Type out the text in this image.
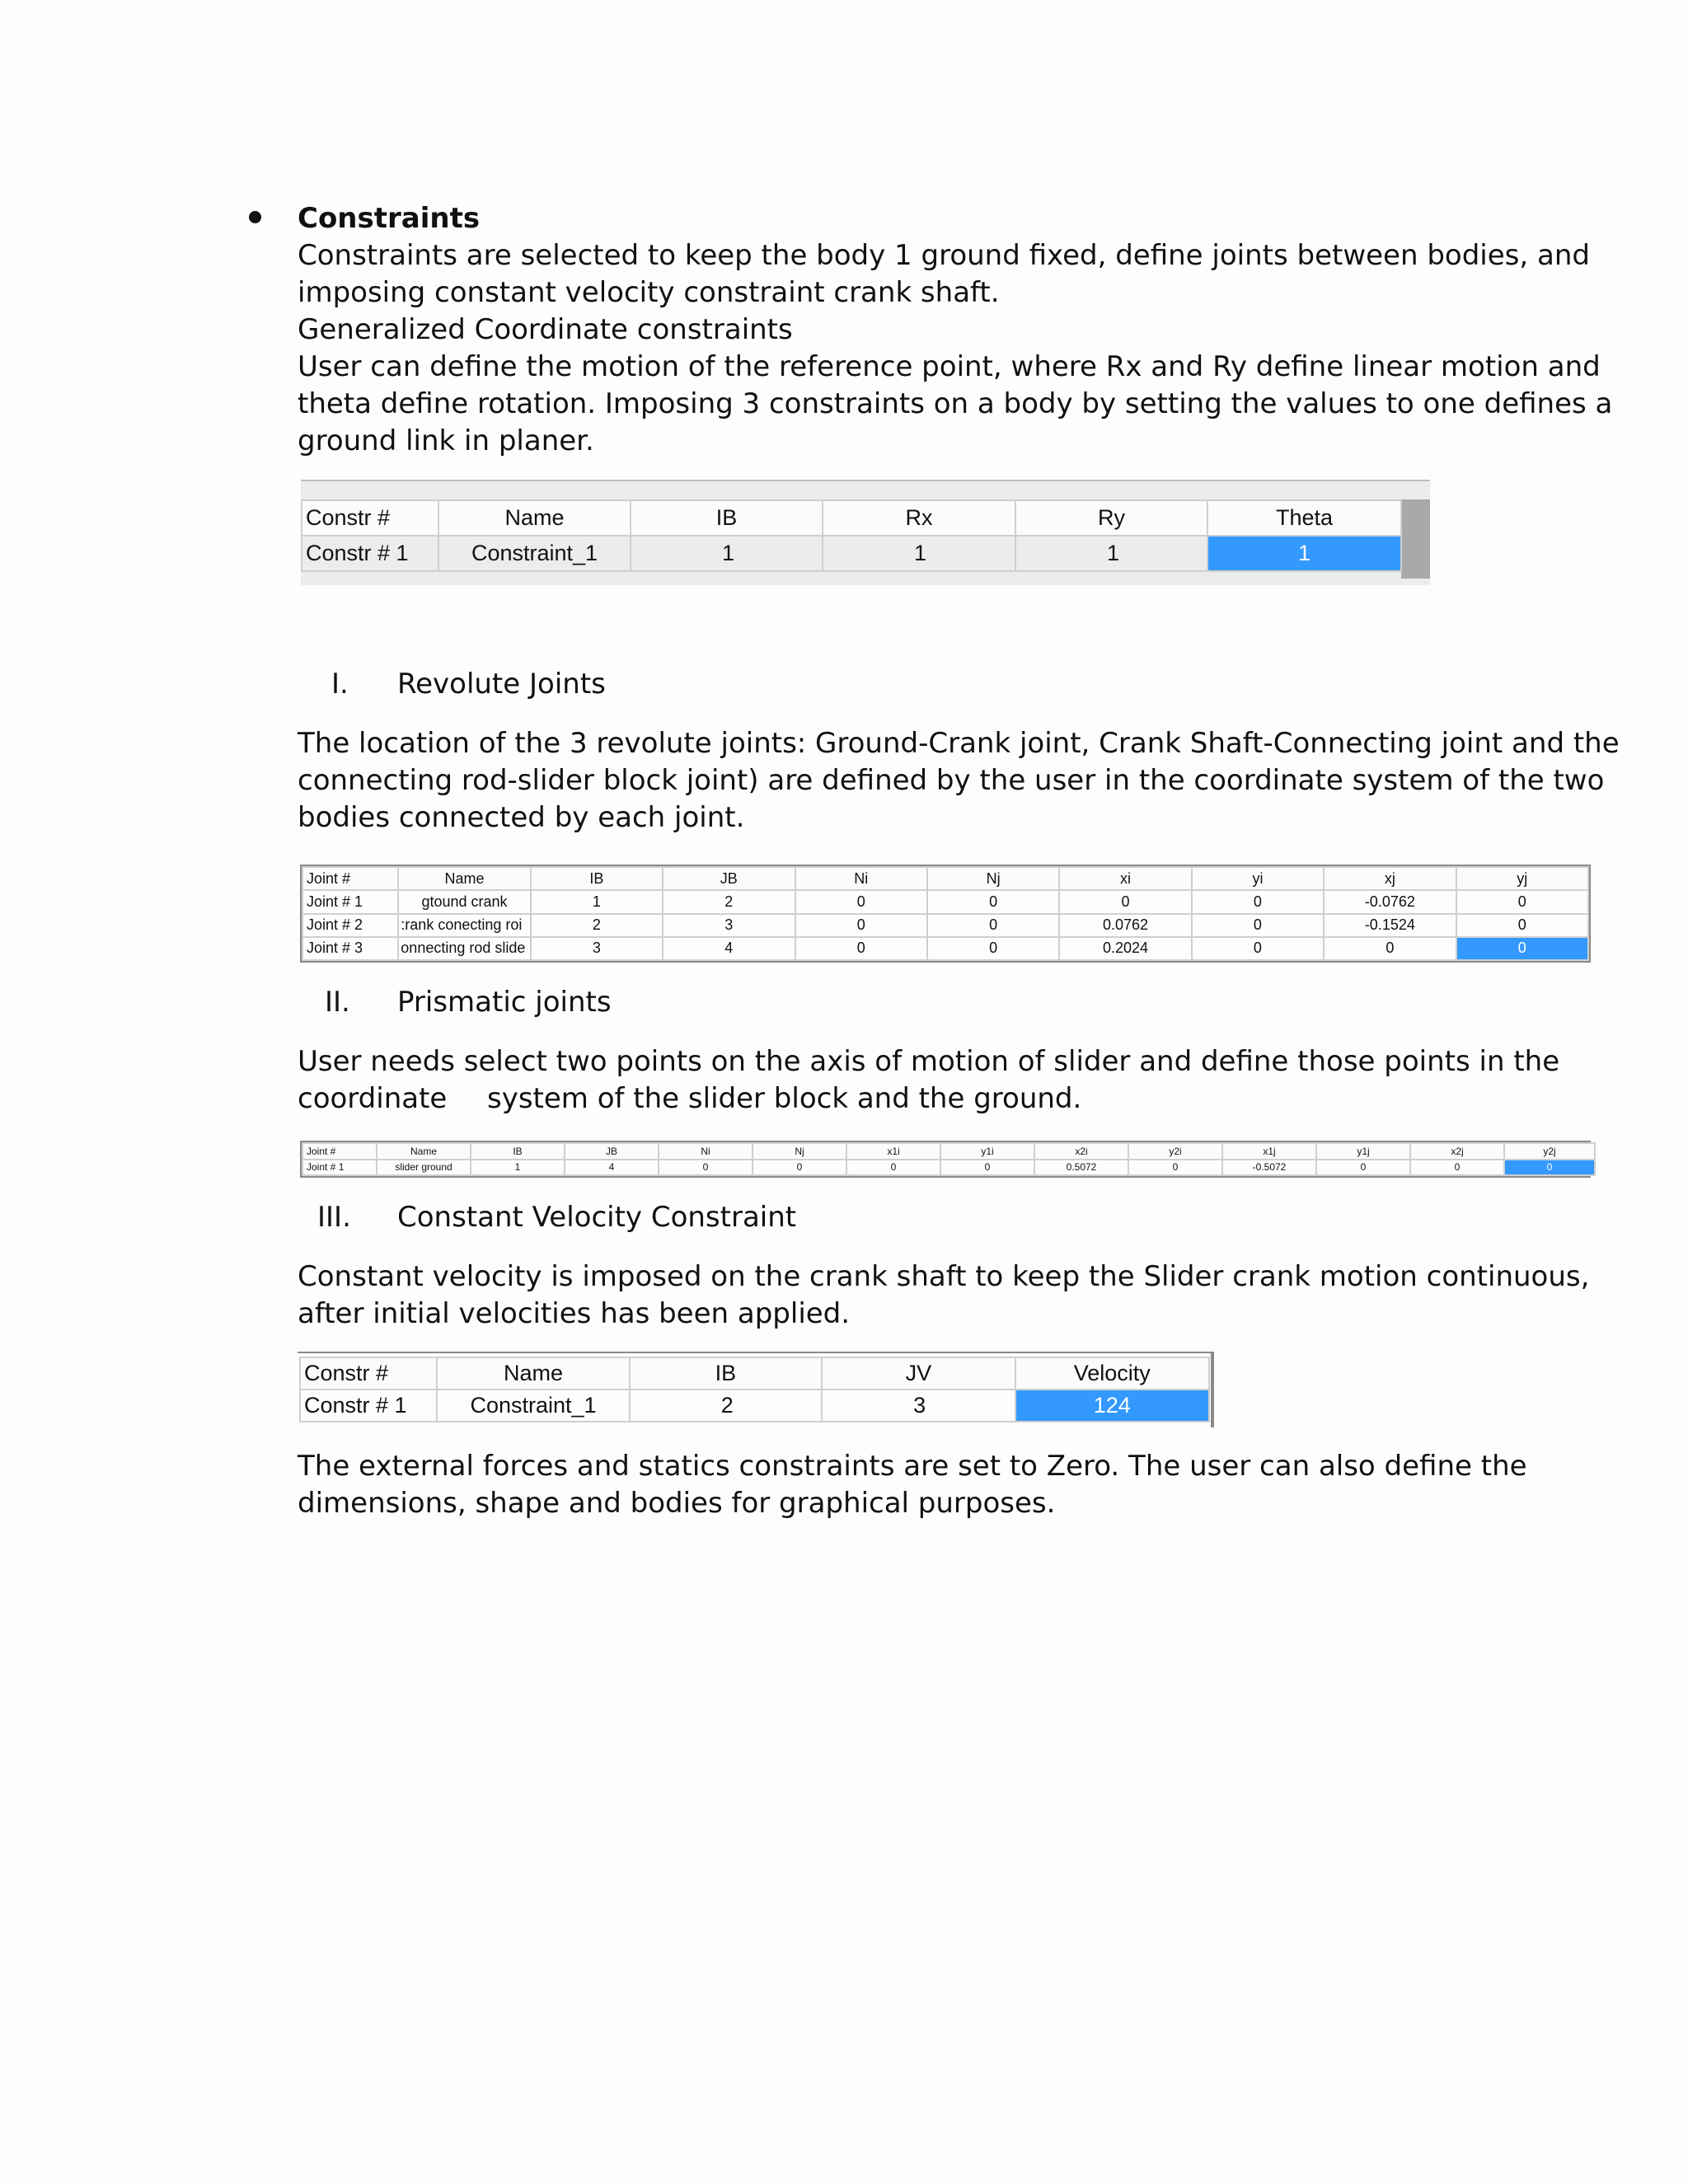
Constraints
Constraints are selected to keep the body 1 ground fixed, define joints between bodies, and
imposing constant velocity constraint crank shaft.
Generalized Coordinate constraints
User can define the motion of the reference point, where Rx and Ry define linear motion and
theta define rotation. Imposing 3 constraints on a body by setting the values to one defines a
ground link in planer.
Constr #	Name	IB	Rx	Ry	Theta
Constr # 1	Constraint_1	1	1	1	1
I. Revolute Joints
The location of the 3 revolute joints: Ground-Crank joint, Crank Shaft-Connecting joint and the
connecting rod-slider block joint) are defined by the user in the coordinate system of the two
bodies connected by each joint.
Joint #	Name	IB	JB	Ni	Nj	xi	yi	xj	yj
Joint # 1	gtound crank	1	2	0	0	0	0	-0.0762	0
Joint # 2	:rank conecting roi	2	3	0	0	0.0762	0	-0.1524	0
Joint # 3	onnecting rod slide	3	4	0	0	0.2024	0	0	0
II. Prismatic joints
User needs select two points on the axis of motion of slider and define those points in the
coordinate system of the slider block and the ground.
Joint #	Name	IB	JB	Ni	Nj	x1i	y1i	x2i	y2i	x1j	y1j	x2j	y2j
Joint # 1	slider ground	1	4	0	0	0	0	0.5072	0	-0.5072	0	0	0
III. Constant Velocity Constraint
Constant velocity is imposed on the crank shaft to keep the Slider crank motion continuous,
after initial velocities has been applied.
Constr #	Name	IB	JV	Velocity
Constr # 1	Constraint_1	2	3	124
The external forces and statics constraints are set to Zero. The user can also define the
dimensions, shape and bodies for graphical purposes.
